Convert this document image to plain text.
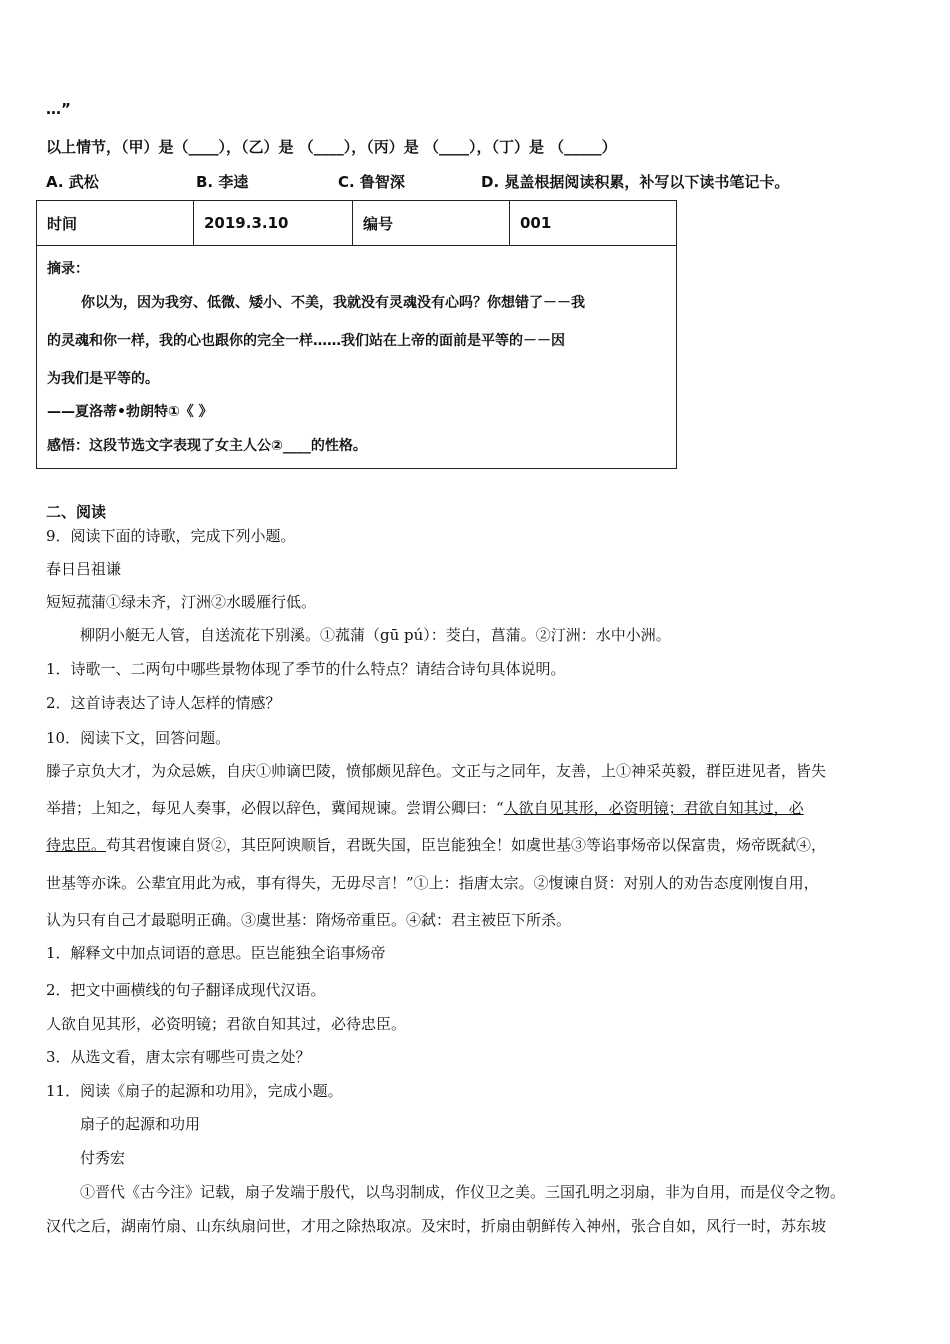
…”
以上情节，（甲）是（____），（乙）是 （____），（丙）是 （____），（丁）是 （_____）
A. 武松	B. 李逵	C. 鲁智深	D. 晁盖根据阅读积累，补写以下读书笔记卡。
时间	2019.3.10	编号	001

摘录：
你以为，因为我穷、低微、矮小、不美，我就没有灵魂没有心吗？你想错了－－我
的灵魂和你一样，我的心也跟你的完全一样……我们站在上帝的面前是平等的－－因
为我们是平等的。
——夏洛蒂•勃朗特①《 》
感悟：这段节选文字表现了女主人公②____的性格。
二、阅读
9．阅读下面的诗歌，完成下列小题。
春日吕祖谦
短短菰蒲①绿未齐，汀洲②水暖雁行低。
柳阴小艇无人管，自送流花下别溪。①菰蒲（gū pú）：茭白，菖蒲。②汀洲：水中小洲。
1．诗歌一、二两句中哪些景物体现了季节的什么特点？请结合诗句具体说明。
2．这首诗表达了诗人怎样的情感？
10．阅读下文，回答问题。
滕子京负大才，为众忌嫉，自庆①帅谪巴陵，愤郁颇见辞色。文正与之同年，友善，上①神采英毅，群臣进见者，皆失
举措；上知之，每见人奏事，必假以辞色，冀闻规谏。尝谓公卿曰：“人欲自见其形，必资明镜；君欲自知其过，必
待忠臣。苟其君愎谏自贤②，其臣阿谀顺旨，君既失国，臣岂能独全！如虞世基③等谄事炀帝以保富贵，炀帝既弑④，
世基等亦诛。公辈宜用此为戒，事有得失，无毋尽言！”①上：指唐太宗。②愎谏自贤：对别人的劝告态度刚愎自用，
认为只有自己才最聪明正确。③虞世基：隋炀帝重臣。④弑：君主被臣下所杀。
1．解释文中加点词语的意思。臣岂能独全谄事炀帝
2．把文中画横线的句子翻译成现代汉语。
人欲自见其形，必资明镜；君欲自知其过，必待忠臣。
3．从选文看，唐太宗有哪些可贵之处？
11．阅读《扇子的起源和功用》，完成小题。
扇子的起源和功用
付秀宏
①晋代《古今注》记载，扇子发端于殷代，以鸟羽制成，作仪卫之美。三国孔明之羽扇，非为自用，而是仪令之物。
汉代之后，湖南竹扇、山东纨扇问世，才用之除热取凉。及宋时，折扇由朝鲜传入神州，张合自如，风行一时，苏东坡
